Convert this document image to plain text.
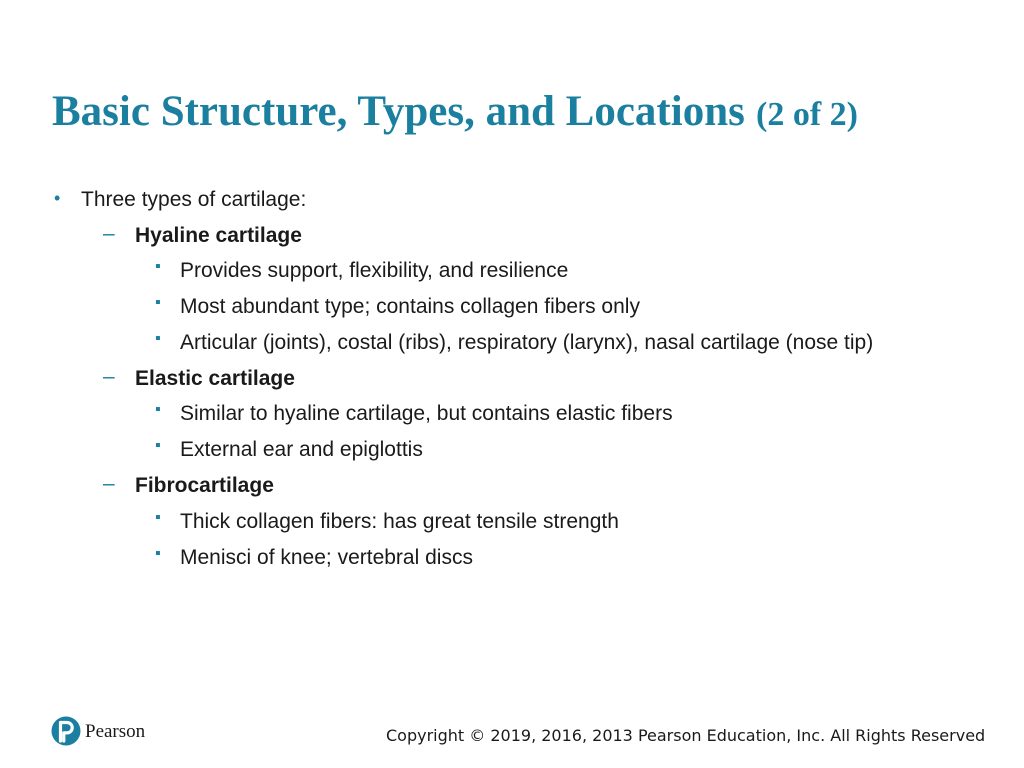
Basic Structure, Types, and Locations (2 of 2)
• Three types of cartilage:
– Hyaline cartilage
▪ Provides support, flexibility, and resilience
▪ Most abundant type; contains collagen fibers only
▪ Articular (joints), costal (ribs), respiratory (larynx), nasal cartilage (nose tip)
– Elastic cartilage
▪ Similar to hyaline cartilage, but contains elastic fibers
▪ External ear and epiglottis
– Fibrocartilage
▪ Thick collagen fibers: has great tensile strength
▪ Menisci of knee; vertebral discs
Pearson	Copyright © 2019, 2016, 2013 Pearson Education, Inc. All Rights Reserved
